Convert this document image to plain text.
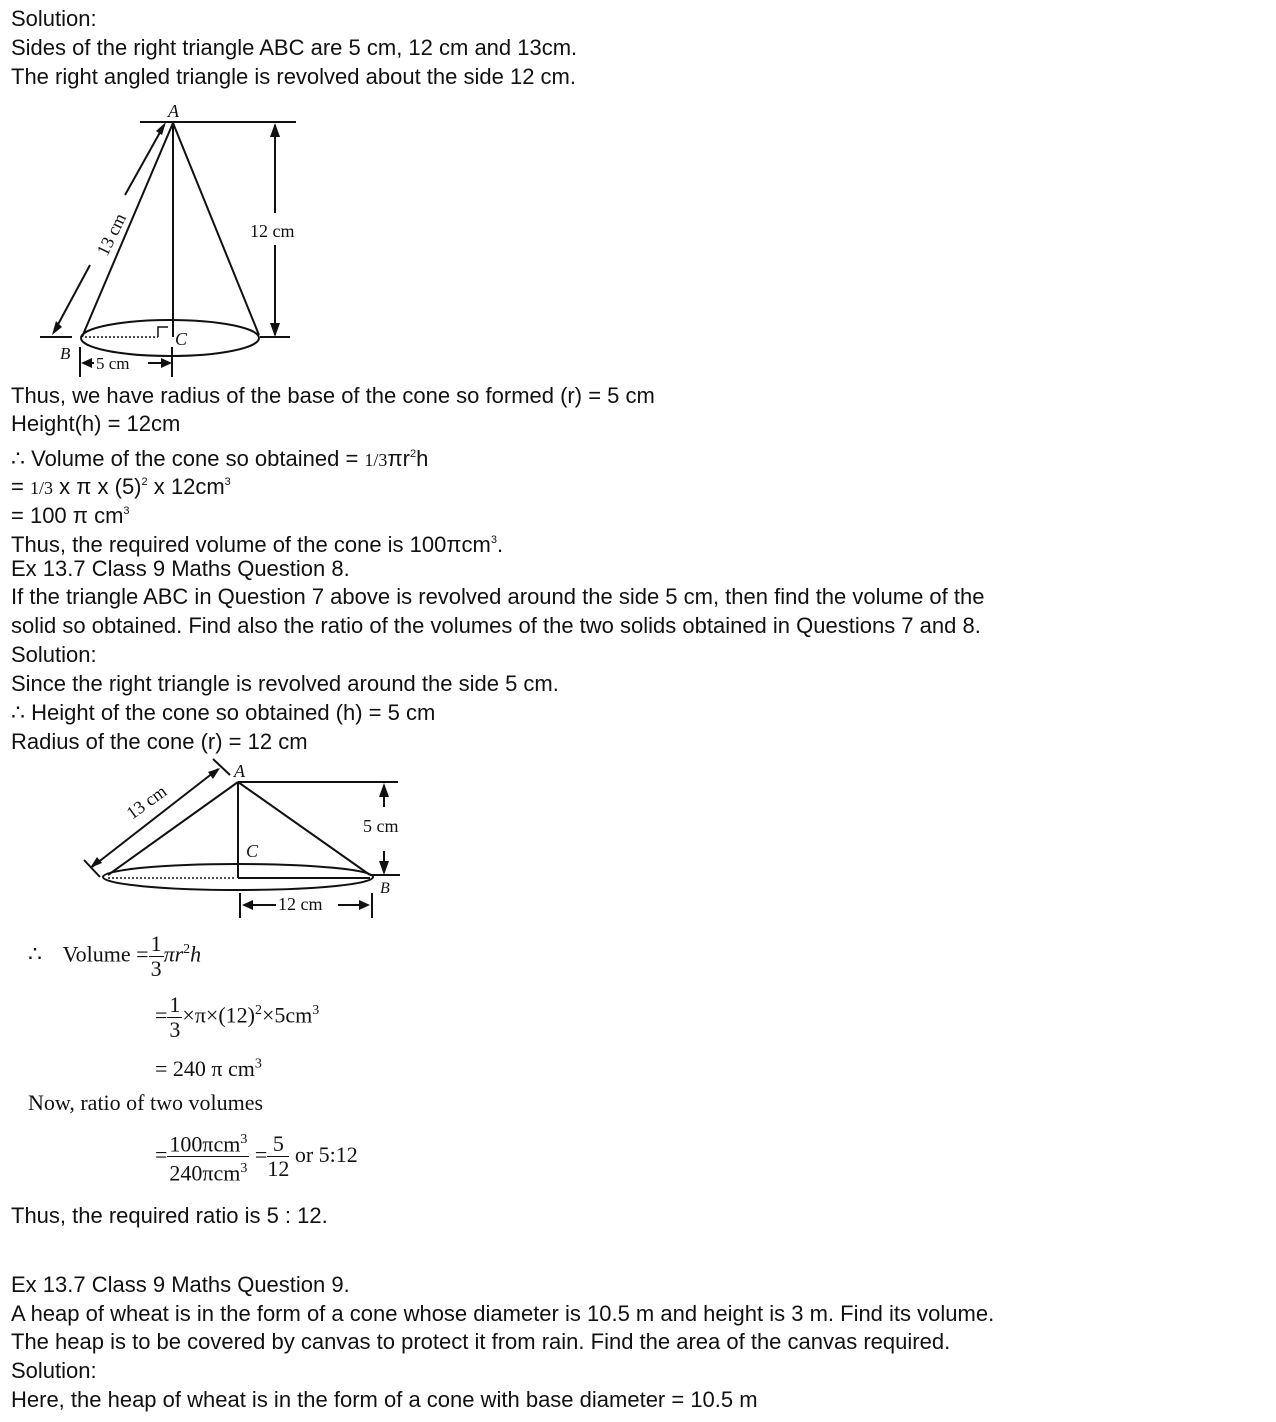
Solution:
Sides of the right triangle ABC are 5 cm, 12 cm and 13cm.
The right angled triangle is revolved about the side 12 cm.
A
B
C
12 cm
5 cm
13 cm
Thus, we have radius of the base of the cone so formed (r) = 5 cm
Height(h) = 12cm
∴ Volume of the cone so obtained = $1/3\pi r^2h$
= 1/3 x π x $(5)^2$ x $12cm^3$
= 100 π $cm^3$
Thus, the required volume of the cone is 100πcm$^3$.
Ex 13.7 Class 9 Maths Question 8.
If the triangle ABC in Question 7 above is revolved around the side 5 cm, then find the volume of the
solid so obtained. Find also the ratio of the volumes of the two solids obtained in Questions 7 and 8.
Solution:
Since the right triangle is revolved around the side 5 cm.
∴ Height of the cone so obtained (h) = 5 cm
Radius of the cone (r) = 12 cm
A
C
B
5 cm
12 cm
13 cm
∴ Volume = $\frac{1}{3} \pi r^2h$
= $\frac{1}{3} \times\pi\times(12)^2\times 5cm^3$
= 240 π $cm^3$
Now, ratio of two volumes
= $\frac{100\pi cm^3}{240\pi cm^3} = \frac{5}{12}$ or 5:12
Thus, the required ratio is 5 : 12.
Ex 13.7 Class 9 Maths Question 9.
A heap of wheat is in the form of a cone whose diameter is 10.5 m and height is 3 m. Find its volume.
The heap is to be covered by canvas to protect it from rain. Find the area of the canvas required.
Solution:
Here, the heap of wheat is in the form of a cone with base diameter = 10.5 m
